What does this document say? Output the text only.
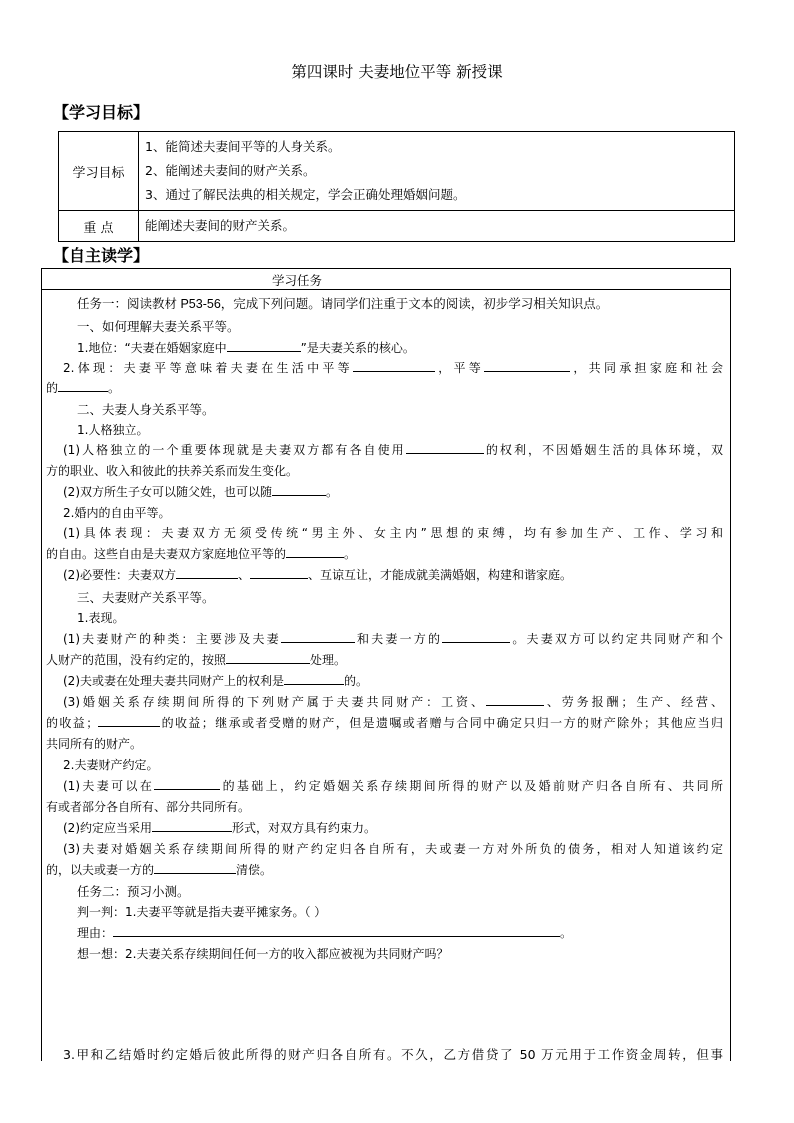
第四课时 夫妻地位平等 新授课
【学习目标】
学习目标	1、能简述夫妻间平等的人身关系。
2、能阐述夫妻间的财产关系。
3、通过了解民法典的相关规定，学会正确处理婚姻问题。

重 点	能阐述夫妻间的财产关系。
【自主读学】
学习任务
任务一：阅读教材 P53-56，完成下列问题。请同学们注重于文本的阅读，初步学习相关知识点。
一、如何理解夫妻关系平等。
1.地位：“夫妻在婚姻家庭中	”是夫妻关系的核心。
2.体现：夫妻平等意味着夫妻在生活中平等	，平等	，共同承担家庭和社会
的	。
二、夫妻人身关系平等。
1.人格独立。
(1)人格独立的一个重要体现就是夫妻双方都有各自使用	的权利，不因婚姻生活的具体环境，双
方的职业、收入和彼此的扶养关系而发生变化。
(2)双方所生子女可以随父姓，也可以随	。
2.婚内的自由平等。
(1)具体表现：夫妻双方无须受传统“男主外、女主内”思想的束缚，均有参加生产、工作、学习和
的自由。这些自由是夫妻双方家庭地位平等的	。
(2)必要性：夫妻双方	、	、互谅互让，才能成就美满婚姻，构建和谐家庭。
三、夫妻财产关系平等。
1.表现。
(1)夫妻财产的种类：主要涉及夫妻	和夫妻一方的	。夫妻双方可以约定共同财产和个
人财产的范围，没有约定的，按照	处理。
(2)夫或妻在处理夫妻共同财产上的权利是	的。
(3)婚姻关系存续期间所得的下列财产属于夫妻共同财产：工资、	、劳务报酬；生产、经营、
的收益；	的收益；继承或者受赠的财产，但是遗嘱或者赠与合同中确定只归一方的财产除外；其他应当归
共同所有的财产。
2.夫妻财产约定。
(1)夫妻可以在	的基础上，约定婚姻关系存续期间所得的财产以及婚前财产归各自所有、共同所
有或者部分各自所有、部分共同所有。
(2)约定应当采用	形式，对双方具有约束力。
(3)夫妻对婚姻关系存续期间所得的财产约定归各自所有，夫或妻一方对外所负的债务，相对人知道该约定
的，以夫或妻一方的	清偿。
任务二：预习小测。
判一判：1.夫妻平等就是指夫妻平摊家务。（ ）
理由：	。
想一想：2.夫妻关系存续期间任何一方的收入都应被视为共同财产吗？
3.甲和乙结婚时约定婚后彼此所得的财产归各自所有。不久，乙方借贷了 50 万元用于工作资金周转，但事
